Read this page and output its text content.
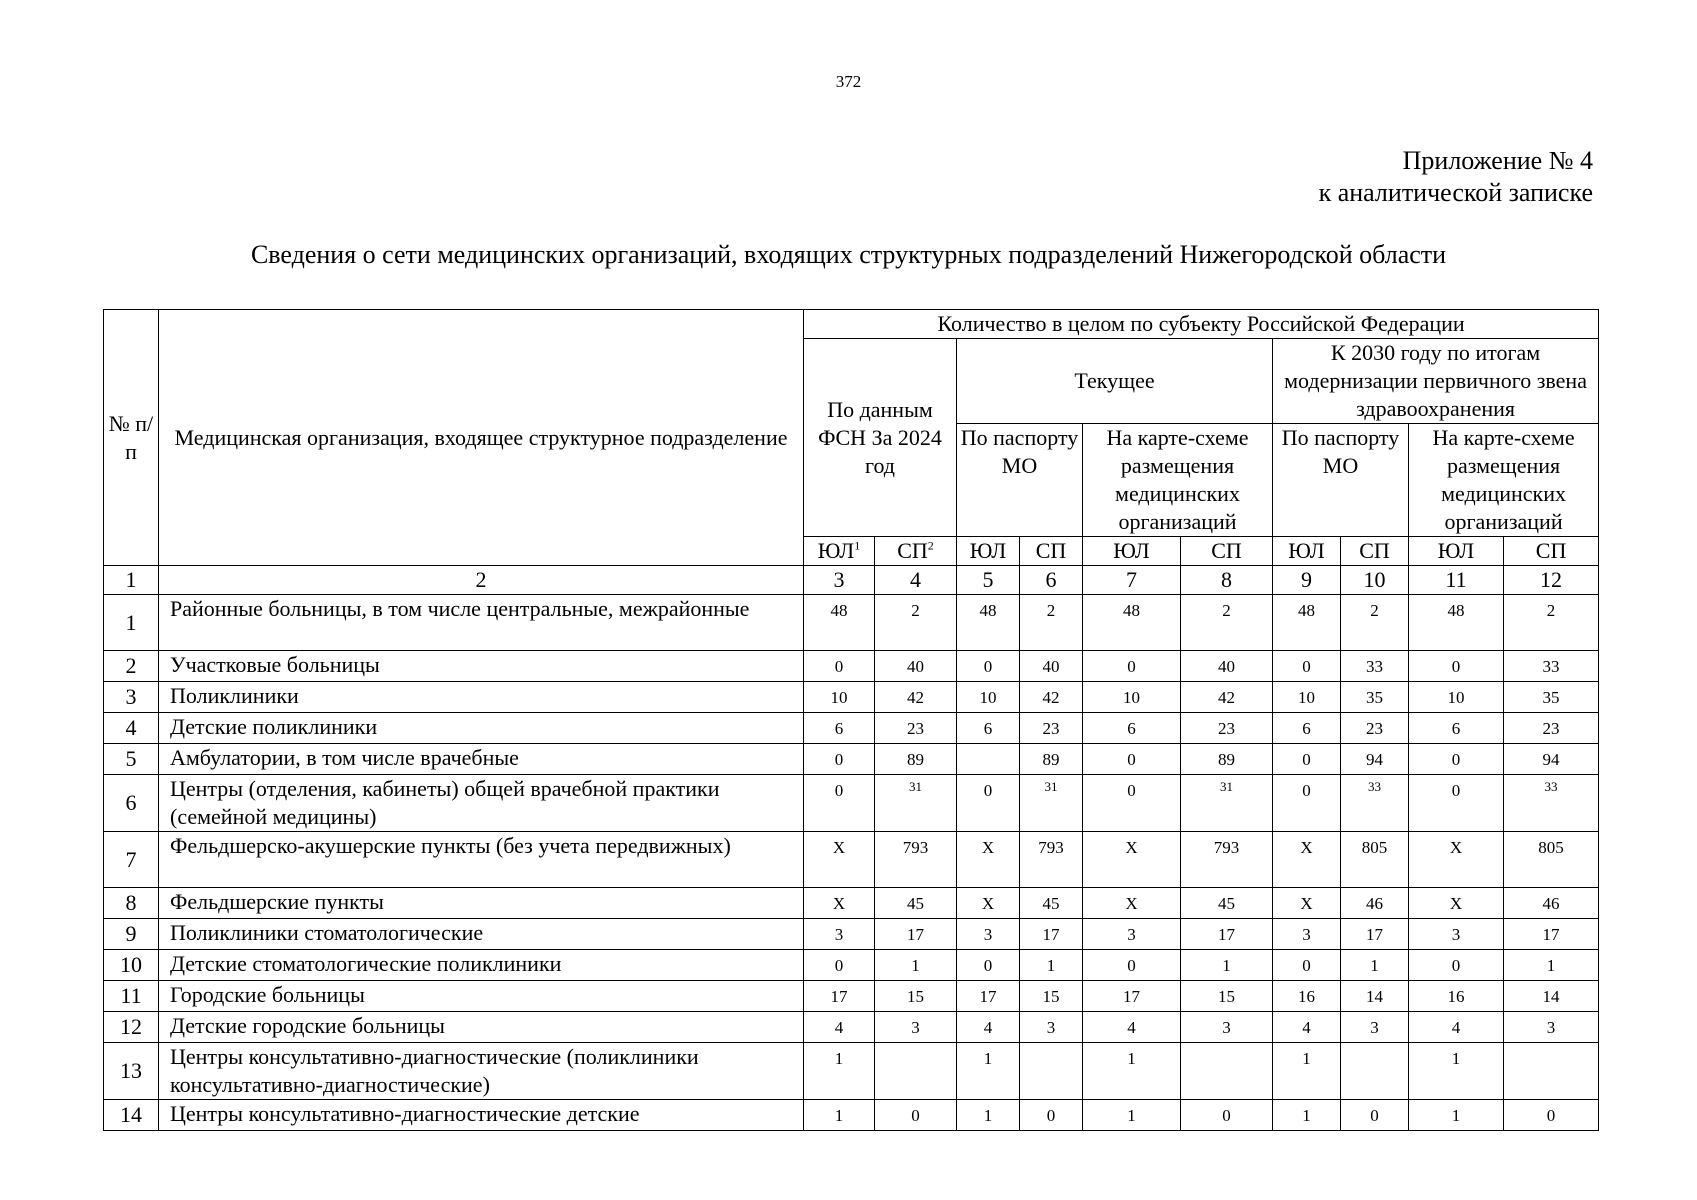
372
Приложение № 4
к аналитической записке
Сведения о сети медицинских организаций, входящих структурных подразделений Нижегородской области
№ п/п	Медицинская организация, входящее структурное подразделение	Количество в целом по субъекту Российской Федерации									
		По данным ФСН За 2024 год		Текущее				К 2030 году по итогам модернизации первичного звена здравоохранения			
				По паспорту МО		На карте-схеме размещения медицинских организаций		По паспорту МО		На карте-схеме размещения медицинских организаций	

		$ЮЛ^1$	$СП^2$	ЮЛ	СП	ЮЛ	СП	ЮЛ	СП	ЮЛ	СП
1	2	3	4	5	6	7	8	9	10	11	12
1	Районные больницы, в том числе центральные, межрайонные	48	2	48	2	48	2	48	2	48	2
2	Участковые больницы	0	40	0	40	0	40	0	33	0	33
3	Поликлиники	10	42	10	42	10	42	10	35	10	35
4	Детские поликлиники	6	23	6	23	6	23	6	23	6	23
5	Амбулатории, в том числе врачебные	0	89		89	0	89	0	94	0	94
6	Центры (отделения, кабинеты) общей врачебной практики (семейной медицины)	0	31	0	31	0	31	0	33	0	33
7	Фельдшерско-акушерские пункты (без учета передвижных)	X	793	X	793	X	793	X	805	X	805
8	Фельдшерские пункты	X	45	X	45	X	45	X	46	X	46
9	Поликлиники стоматологические	3	17	3	17	3	17	3	17	3	17
10	Детские стоматологические поликлиники	0	1	0	1	0	1	0	1	0	1
11	Городские больницы	17	15	17	15	17	15	16	14	16	14
12	Детские городские больницы	4	3	4	3	4	3	4	3	4	3
13	Центры консультативно-диагностические (поликлиники консультативно-диагностические)	1		1		1		1		1	
14	Центры консультативно-диагностические детские	1	0	1	0	1	0	1	0	1	0
